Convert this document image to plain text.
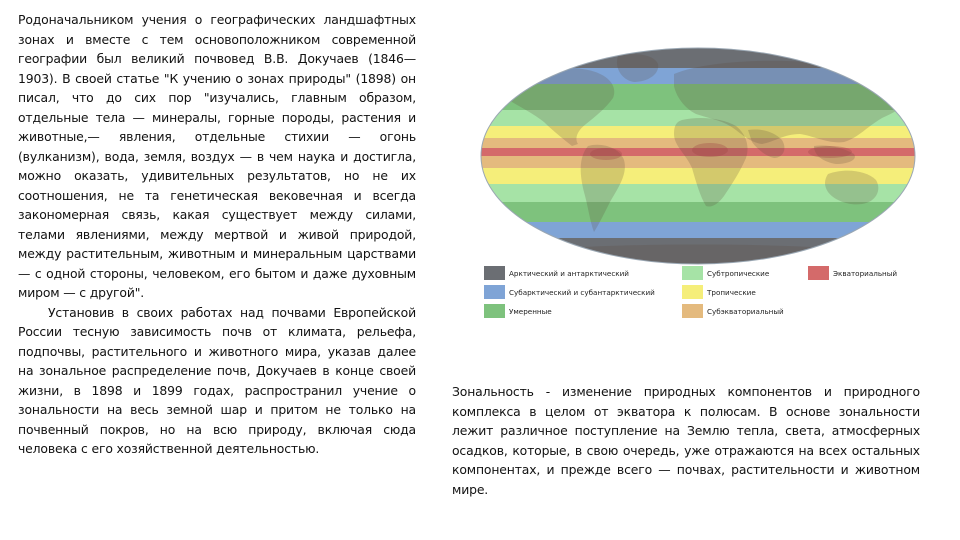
Родоначальником учения о географических ландшафтных зонах и вместе с тем основоположником современной географии был великий почвовед В.В. Докучаев (1846—1903). В своей статье "К учению о зонах природы" (1898) он писал, что до сих пор "изучались, главным образом, отдельные тела — минералы, горные породы, растения и животные,— явления, отдельные стихии — огонь (вулканизм), вода, земля, воздух — в чем наука и достигла, можно оказать, удивительных результатов, но не их соотношения, не та генетическая вековечная и всегда закономерная связь, какая существует между силами, телами явлениями, между мертвой и живой природой, между растительным, животным и минеральным царствами — с одной стороны, человеком, его бытом и даже духовным миром — с другой".

Установив в своих работах над почвами Европейской России тесную зависимость почв от климата, рельефа, подпочвы, растительного и животного мира, указав далее на зональное распределение почв, Докучаев в конце своей жизни, в 1898 и 1899 годах, распространил учение о зональности на весь земной шар и притом не только на почвенный покров, но на всю природу, включая сюда человека с его хозяйственной деятельностью.

Арктический и антарктический
Субарктический и субантарктический
Умеренные
Субтропические
Тропические
Субэкваториальный
Экваториальный

Зональность - изменение природных компонентов и природного комплекса в целом от экватора к полюсам. В основе зональности лежит различное поступление на Землю тепла, света, атмосферных осадков, которые, в свою очередь, уже отражаются на всех остальных компонентах, и прежде всего — почвах, растительности и животном мире.
